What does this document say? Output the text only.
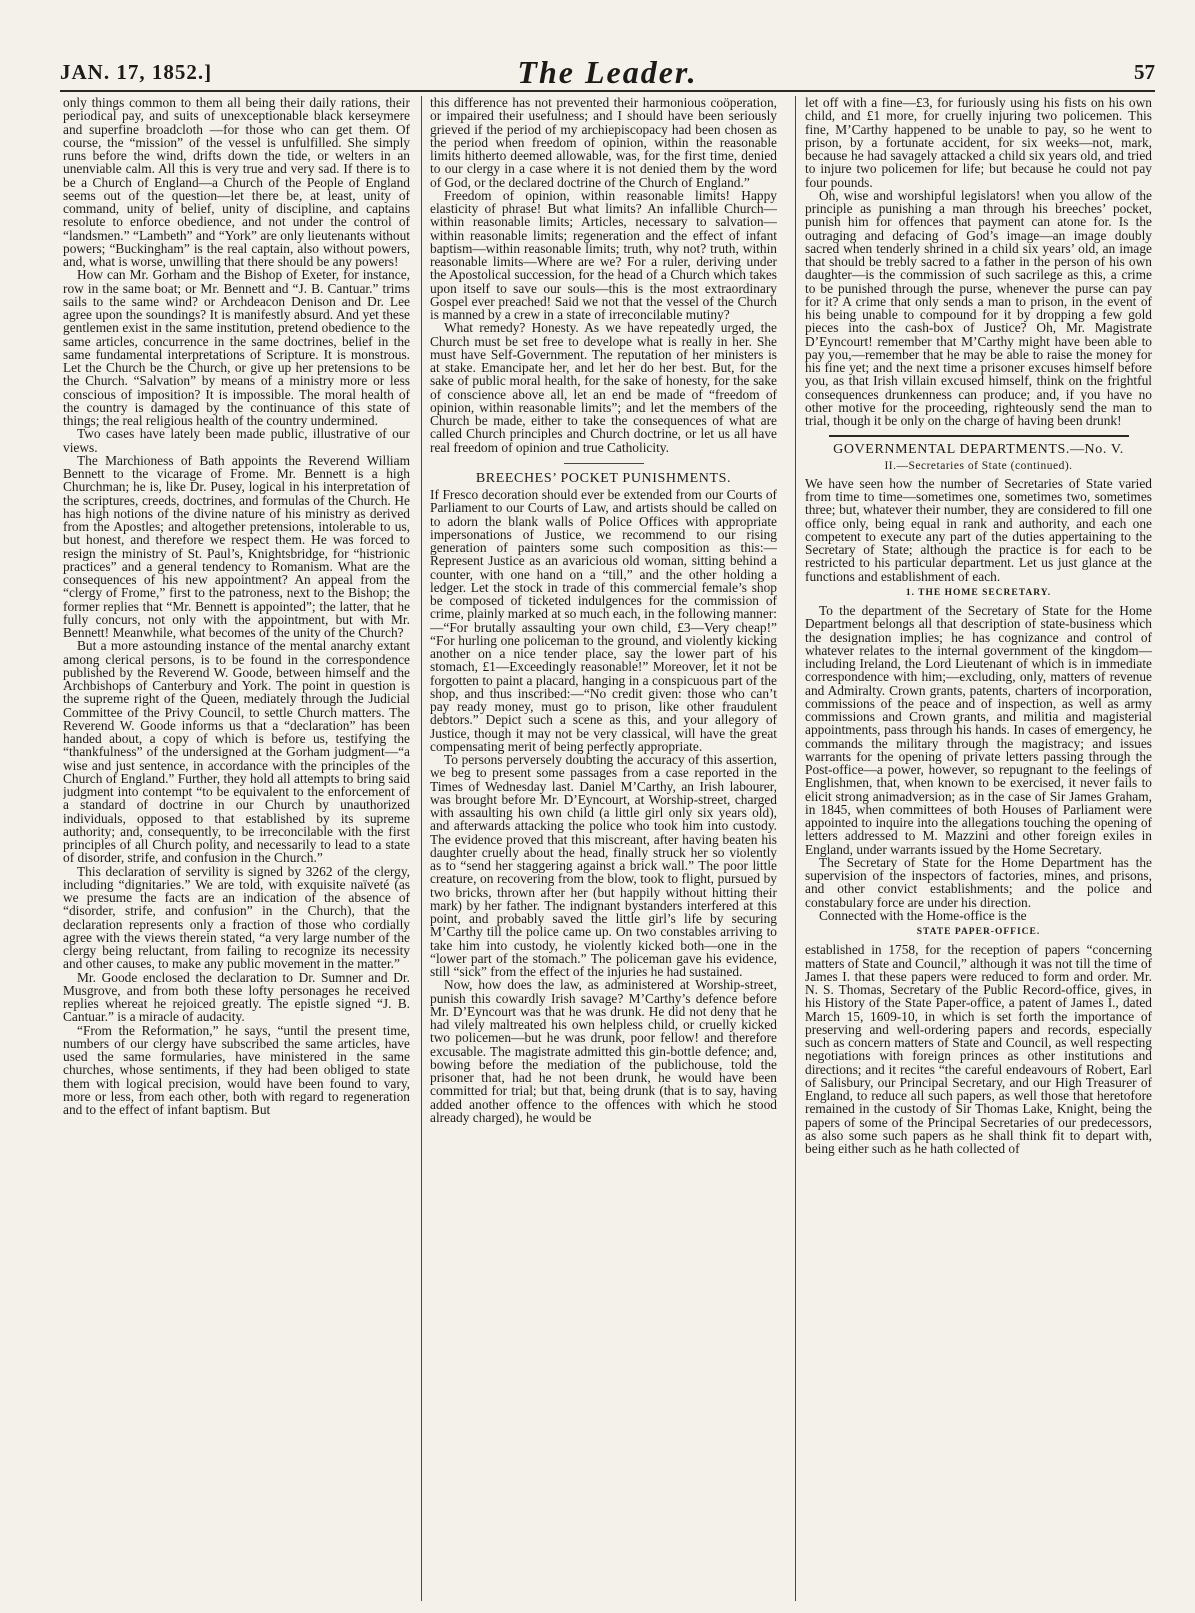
JAN. 17, 1852.]	The Leader.	57

only things common to them all being their daily rations, their periodical pay, and suits of unexceptionable black kerseymere and superfine broadcloth —for those who can get them. Of course, the “mission” of the vessel is unfulfilled. She simply runs before the wind, drifts down the tide, or welters in an unenviable calm. All this is very true and very sad. If there is to be a Church of England—a Church of the People of England seems out of the question—let there be, at least, unity of command, unity of belief, unity of discipline, and captains resolute to enforce obedience, and not under the control of “landsmen.” “Lambeth” and “York” are only lieutenants without powers; “Buckingham” is the real captain, also without powers, and, what is worse, unwilling that there should be any powers!

How can Mr. Gorham and the Bishop of Exeter, for instance, row in the same boat; or Mr. Bennett and “J. B. Cantuar.” trims sails to the same wind? or Archdeacon Denison and Dr. Lee agree upon the soundings? It is manifestly absurd. And yet these gentlemen exist in the same institution, pretend obedience to the same articles, concurrence in the same doctrines, belief in the same fundamental interpretations of Scripture. It is monstrous. Let the Church be the Church, or give up her pretensions to be the Church. “Salvation” by means of a ministry more or less conscious of imposition? It is impossible. The moral health of the country is damaged by the continuance of this state of things; the real religious health of the country undermined.

Two cases have lately been made public, illustrative of our views.

The Marchioness of Bath appoints the Reverend William Bennett to the vicarage of Frome. Mr. Bennett is a high Churchman; he is, like Dr. Pusey, logical in his interpretation of the scriptures, creeds, doctrines, and formulas of the Church. He has high notions of the divine nature of his ministry as derived from the Apostles; and altogether pretensions, intolerable to us, but honest, and therefore we respect them. He was forced to resign the ministry of St. Paul’s, Knightsbridge, for “histrionic practices” and a general tendency to Romanism. What are the consequences of his new appointment? An appeal from the “clergy of Frome,” first to the patroness, next to the Bishop; the former replies that “Mr. Bennett is appointed”; the latter, that he fully concurs, not only with the appointment, but with Mr. Bennett! Meanwhile, what becomes of the unity of the Church?

But a more astounding instance of the mental anarchy extant among clerical persons, is to be found in the correspondence published by the Reverend W. Goode, between himself and the Archbishops of Canterbury and York. The point in question is the supreme right of the Queen, mediately through the Judicial Committee of the Privy Council, to settle Church matters. The Reverend W. Goode informs us that a “declaration” has been handed about, a copy of which is before us, testifying the “thankfulness” of the undersigned at the Gorham judgment—“a wise and just sentence, in accordance with the principles of the Church of England.” Further, they hold all attempts to bring said judgment into contempt “to be equivalent to the enforcement of a standard of doctrine in our Church by unauthorized individuals, opposed to that established by its supreme authority; and, consequently, to be irreconcilable with the first principles of all Church polity, and necessarily to lead to a state of disorder, strife, and confusion in the Church.”

This declaration of servility is signed by 3262 of the clergy, including “dignitaries.” We are told, with exquisite naïveté (as we presume the facts are an indication of the absence of “disorder, strife, and confusion” in the Church), that the declaration represents only a fraction of those who cordially agree with the views therein stated, “a very large number of the clergy being reluctant, from failing to recognize its necessity and other causes, to make any public movement in the matter.”

Mr. Goode enclosed the declaration to Dr. Sumner and Dr. Musgrove, and from both these lofty personages he received replies whereat he rejoiced greatly. The epistle signed “J. B. Cantuar.” is a miracle of audacity.

“From the Reformation,” he says, “until the present time, numbers of our clergy have subscribed the same articles, have used the same formularies, have ministered in the same churches, whose sentiments, if they had been obliged to state them with logical precision, would have been found to vary, more or less, from each other, both with regard to regeneration and to the effect of infant baptism. But

this difference has not prevented their harmonious coöperation, or impaired their usefulness; and I should have been seriously grieved if the period of my archiepiscopacy had been chosen as the period when freedom of opinion, within the reasonable limits hitherto deemed allowable, was, for the first time, denied to our clergy in a case where it is not denied them by the word of God, or the declared doctrine of the Church of England.”

Freedom of opinion, within reasonable limits! Happy elasticity of phrase! But what limits? An infallible Church—within reasonable limits; Articles, necessary to salvation—within reasonable limits; regeneration and the effect of infant baptism—within reasonable limits; truth, why not? truth, within reasonable limits—Where are we? For a ruler, deriving under the Apostolical succession, for the head of a Church which takes upon itself to save our souls—this is the most extraordinary Gospel ever preached! Said we not that the vessel of the Church is manned by a crew in a state of irreconcilable mutiny?

What remedy? Honesty. As we have repeatedly urged, the Church must be set free to develope what is really in her. She must have Self-Government. The reputation of her ministers is at stake. Emancipate her, and let her do her best. But, for the sake of public moral health, for the sake of honesty, for the sake of conscience above all, let an end be made of “freedom of opinion, within reasonable limits”; and let the members of the Church be made, either to take the consequences of what are called Church principles and Church doctrine, or let us all have real freedom of opinion and true Catholicity.

BREECHES’ POCKET PUNISHMENTS.

If Fresco decoration should ever be extended from our Courts of Parliament to our Courts of Law, and artists should be called on to adorn the blank walls of Police Offices with appropriate impersonations of Justice, we recommend to our rising generation of painters some such composition as this:—Represent Justice as an avaricious old woman, sitting behind a counter, with one hand on a “till,” and the other holding a ledger. Let the stock in trade of this commercial female’s shop be composed of ticketed indulgences for the commission of crime, plainly marked at so much each, in the following manner:—“For brutally assaulting your own child, £3—Very cheap!” “For hurling one policeman to the ground, and violently kicking another on a nice tender place, say the lower part of his stomach, £1—Exceedingly reasonable!” Moreover, let it not be forgotten to paint a placard, hanging in a conspicuous part of the shop, and thus inscribed:—“No credit given: those who can’t pay ready money, must go to prison, like other fraudulent debtors.” Depict such a scene as this, and your allegory of Justice, though it may not be very classical, will have the great compensating merit of being perfectly appropriate.

To persons perversely doubting the accuracy of this assertion, we beg to present some passages from a case reported in the Times of Wednesday last. Daniel M’Carthy, an Irish labourer, was brought before Mr. D’Eyncourt, at Worship-street, charged with assaulting his own child (a little girl only six years old), and afterwards attacking the police who took him into custody. The evidence proved that this miscreant, after having beaten his daughter cruelly about the head, finally struck her so violently as to “send her staggering against a brick wall.” The poor little creature, on recovering from the blow, took to flight, pursued by two bricks, thrown after her (but happily without hitting their mark) by her father. The indignant bystanders interfered at this point, and probably saved the little girl’s life by securing M’Carthy till the police came up. On two constables arriving to take him into custody, he violently kicked both—one in the “lower part of the stomach.” The policeman gave his evidence, still “sick” from the effect of the injuries he had sustained.

Now, how does the law, as administered at Worship-street, punish this cowardly Irish savage? M’Carthy’s defence before Mr. D’Eyncourt was that he was drunk. He did not deny that he had vilely maltreated his own helpless child, or cruelly kicked two policemen—but he was drunk, poor fellow! and therefore excusable. The magistrate admitted this gin-bottle defence; and, bowing before the mediation of the publichouse, told the prisoner that, had he not been drunk, he would have been committed for trial; but that, being drunk (that is to say, having added another offence to the offences with which he stood already charged), he would be

let off with a fine—£3, for furiously using his fists on his own child, and £1 more, for cruelly injuring two policemen. This fine, M’Carthy happened to be unable to pay, so he went to prison, by a fortunate accident, for six weeks—not, mark, because he had savagely attacked a child six years old, and tried to injure two policemen for life; but because he could not pay four pounds.

Oh, wise and worshipful legislators! when you allow of the principle as punishing a man through his breeches’ pocket, punish him for offences that payment can atone for. Is the outraging and defacing of God’s image—an image doubly sacred when tenderly shrined in a child six years’ old, an image that should be trebly sacred to a father in the person of his own daughter—is the commission of such sacrilege as this, a crime to be punished through the purse, whenever the purse can pay for it? A crime that only sends a man to prison, in the event of his being unable to compound for it by dropping a few gold pieces into the cash-box of Justice? Oh, Mr. Magistrate D’Eyncourt! remember that M’Carthy might have been able to pay you,—remember that he may be able to raise the money for his fine yet; and the next time a prisoner excuses himself before you, as that Irish villain excused himself, think on the frightful consequences drunkenness can produce; and, if you have no other motive for the proceeding, righteously send the man to trial, though it be only on the charge of having been drunk!

GOVERNMENTAL DEPARTMENTS.—No. V.
II.—Secretaries of State (continued).

We have seen how the number of Secretaries of State varied from time to time—sometimes one, sometimes two, sometimes three; but, whatever their number, they are considered to fill one office only, being equal in rank and authority, and each one competent to execute any part of the duties appertaining to the Secretary of State; although the practice is for each to be restricted to his particular department. Let us just glance at the functions and establishment of each.

1. THE HOME SECRETARY.

To the department of the Secretary of State for the Home Department belongs all that description of state-business which the designation implies; he has cognizance and control of whatever relates to the internal government of the kingdom—including Ireland, the Lord Lieutenant of which is in immediate correspondence with him;—excluding, only, matters of revenue and Admiralty. Crown grants, patents, charters of incorporation, commissions of the peace and of inspection, as well as army commissions and Crown grants, and militia and magisterial appointments, pass through his hands. In cases of emergency, he commands the military through the magistracy; and issues warrants for the opening of private letters passing through the Post-office—a power, however, so repugnant to the feelings of Englishmen, that, when known to be exercised, it never fails to elicit strong animadversion; as in the case of Sir James Graham, in 1845, when committees of both Houses of Parliament were appointed to inquire into the allegations touching the opening of letters addressed to M. Mazzini and other foreign exiles in England, under warrants issued by the Home Secretary.

The Secretary of State for the Home Department has the supervision of the inspectors of factories, mines, and prisons, and other convict establishments; and the police and constabulary force are under his direction.

Connected with the Home-office is the

STATE PAPER-OFFICE.

established in 1758, for the reception of papers “concerning matters of State and Council,” although it was not till the time of James I. that these papers were reduced to form and order. Mr. N. S. Thomas, Secretary of the Public Record-office, gives, in his History of the State Paper-office, a patent of James I., dated March 15, 1609-10, in which is set forth the importance of preserving and well-ordering papers and records, especially such as concern matters of State and Council, as well respecting negotiations with foreign princes as other institutions and directions; and it recites “the careful endeavours of Robert, Earl of Salisbury, our Principal Secretary, and our High Treasurer of England, to reduce all such papers, as well those that heretofore remained in the custody of Sir Thomas Lake, Knight, being the papers of some of the Principal Secretaries of our predecessors, as also some such papers as he shall think fit to depart with, being either such as he hath collected of
